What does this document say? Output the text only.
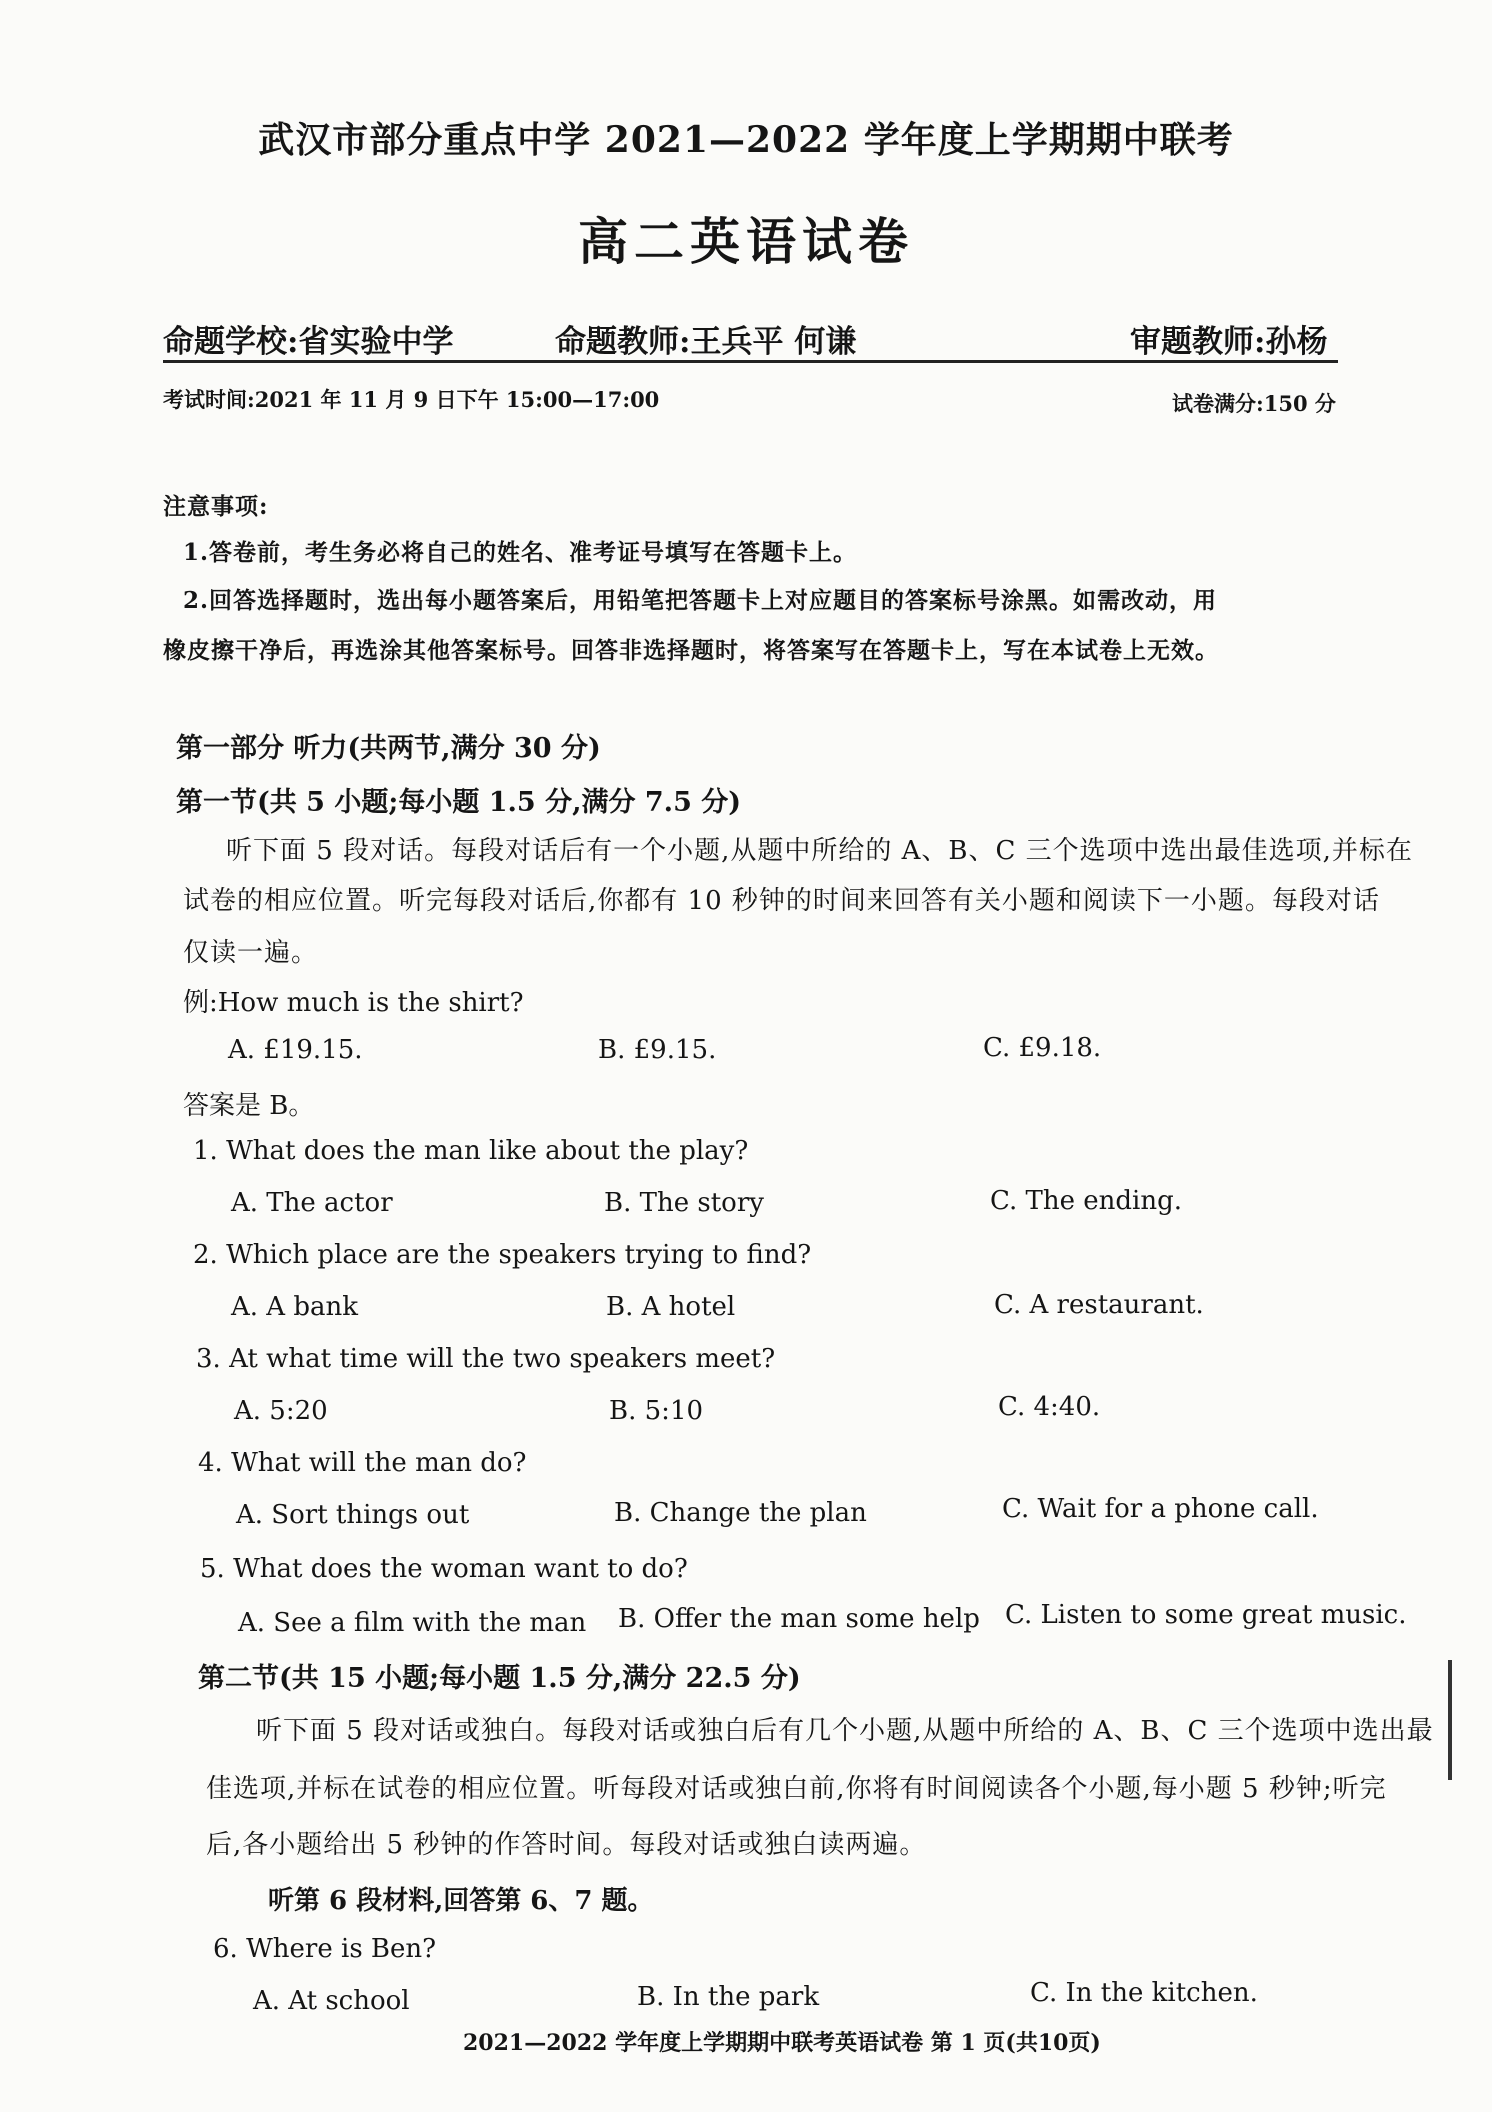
武汉市部分重点中学 2021—2022 学年度上学期期中联考
高二英语试卷
命题学校:省实验中学	命题教师:王兵平 何谦	审题教师:孙杨
考试时间:2021 年 11 月 9 日下午 15:00—17:00	试卷满分:150 分
注意事项:
1.答卷前，考生务必将自己的姓名、准考证号填写在答题卡上。
2.回答选择题时，选出每小题答案后，用铅笔把答题卡上对应题目的答案标号涂黑。如需改动，用
橡皮擦干净后，再选涂其他答案标号。回答非选择题时，将答案写在答题卡上，写在本试卷上无效。
第一部分 听力(共两节,满分 30 分)
第一节(共 5 小题;每小题 1.5 分,满分 7.5 分)
听下面 5 段对话。每段对话后有一个小题,从题中所给的 A、B、C 三个选项中选出最佳选项,并标在
试卷的相应位置。听完每段对话后,你都有 10 秒钟的时间来回答有关小题和阅读下一小题。每段对话
仅读一遍。
例:How much is the shirt?
A. £19.15.	B. £9.15.	C. £9.18.
答案是 B。
1. What does the man like about the play?
A. The actor	B. The story	C. The ending.
2. Which place are the speakers trying to find?
A. A bank	B. A hotel	C. A restaurant.
3. At what time will the two speakers meet?
A. 5:20	B. 5:10	C. 4:40.
4. What will the man do?
A. Sort things out	B. Change the plan	C. Wait for a phone call.
5. What does the woman want to do?
A. See a film with the man B. Offer the man some help C. Listen to some great music.
第二节(共 15 小题;每小题 1.5 分,满分 22.5 分)
听下面 5 段对话或独白。每段对话或独白后有几个小题,从题中所给的 A、B、C 三个选项中选出最
佳选项,并标在试卷的相应位置。听每段对话或独白前,你将有时间阅读各个小题,每小题 5 秒钟;听完
后,各小题给出 5 秒钟的作答时间。每段对话或独白读两遍。
听第 6 段材料,回答第 6、7 题。
6. Where is Ben?
A. At school	B. In the park	C. In the kitchen.
2021—2022 学年度上学期期中联考英语试卷 第 1 页(共10页)
